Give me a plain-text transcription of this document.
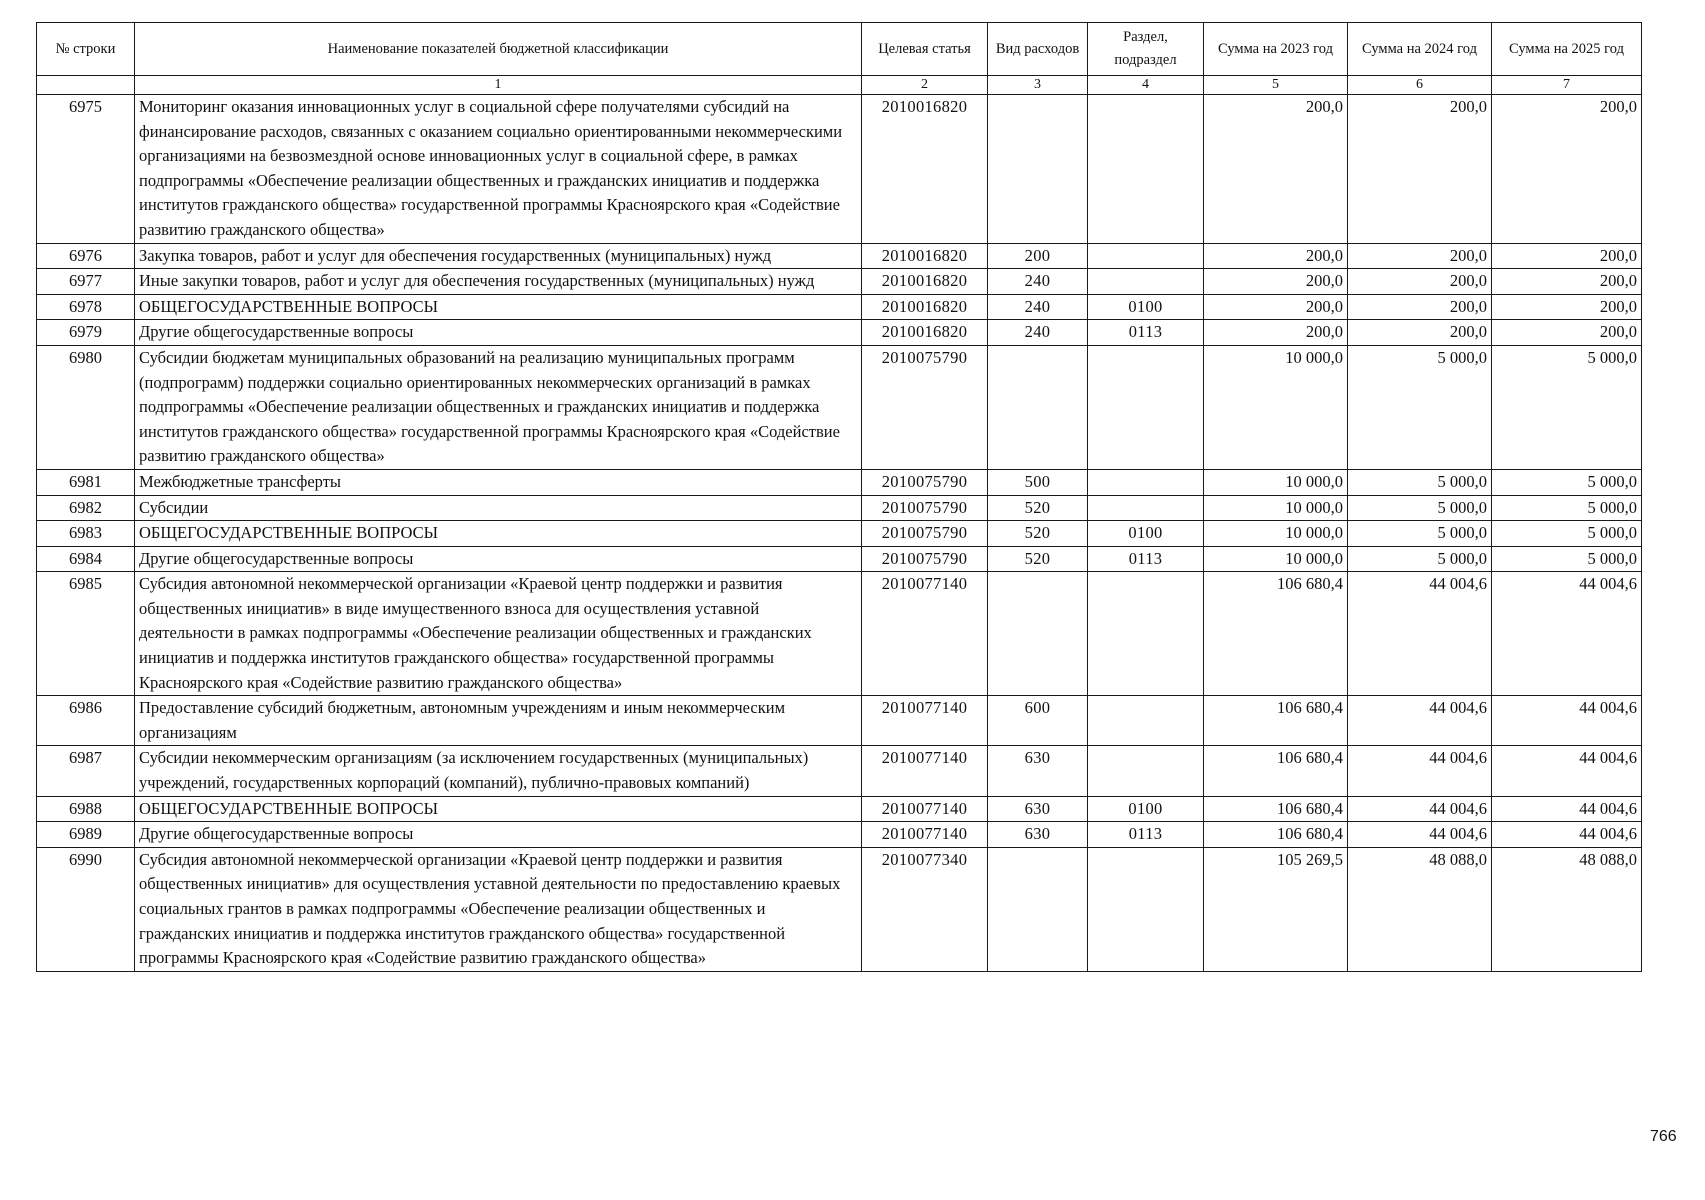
№ строки	Наименование показателей бюджетной классификации	Целевая статья	Вид расходов	Раздел, подраздел	Сумма на 2023 год	Сумма на 2024 год	Сумма на 2025 год
	1	2	3	4	5	6	7
6975	Мониторинг оказания инновационных услуг в социальной сфере получателями субсидий на финансирование расходов, связанных с оказанием социально ориентированными некоммерческими организациями на безвозмездной основе инновационных услуг в социальной сфере, в рамках подпрограммы «Обеспечение реализации общественных и гражданских инициатив и поддержка институтов гражданского общества» государственной программы Красноярского края «Содействие развитию гражданского общества»	2010016820			200,0	200,0	200,0
6976	Закупка товаров, работ и услуг для обеспечения государственных (муниципальных) нужд	2010016820	200		200,0	200,0	200,0
6977	Иные закупки товаров, работ и услуг для обеспечения государственных (муниципальных) нужд	2010016820	240		200,0	200,0	200,0
6978	ОБЩЕГОСУДАРСТВЕННЫЕ ВОПРОСЫ	2010016820	240	0100	200,0	200,0	200,0
6979	Другие общегосударственные вопросы	2010016820	240	0113	200,0	200,0	200,0
6980	Субсидии бюджетам муниципальных образований на реализацию муниципальных программ (подпрограмм) поддержки социально ориентированных некоммерческих организаций в рамках подпрограммы «Обеспечение реализации общественных и гражданских инициатив и поддержка институтов гражданского общества» государственной программы Красноярского края «Содействие развитию гражданского общества»	2010075790			10 000,0	5 000,0	5 000,0
6981	Межбюджетные трансферты	2010075790	500		10 000,0	5 000,0	5 000,0
6982	Субсидии	2010075790	520		10 000,0	5 000,0	5 000,0
6983	ОБЩЕГОСУДАРСТВЕННЫЕ ВОПРОСЫ	2010075790	520	0100	10 000,0	5 000,0	5 000,0
6984	Другие общегосударственные вопросы	2010075790	520	0113	10 000,0	5 000,0	5 000,0
6985	Субсидия автономной некоммерческой организации «Краевой центр поддержки и развития общественных инициатив» в виде имущественного взноса для осуществления уставной деятельности в рамках подпрограммы «Обеспечение реализации общественных и гражданских инициатив и поддержка институтов гражданского общества» государственной программы Красноярского края «Содействие развитию гражданского общества»	2010077140			106 680,4	44 004,6	44 004,6
6986	Предоставление субсидий бюджетным, автономным учреждениям и иным некоммерческим организациям	2010077140	600		106 680,4	44 004,6	44 004,6
6987	Субсидии некоммерческим организациям (за исключением государственных (муниципальных) учреждений, государственных корпораций (компаний), публично-правовых компаний)	2010077140	630		106 680,4	44 004,6	44 004,6
6988	ОБЩЕГОСУДАРСТВЕННЫЕ ВОПРОСЫ	2010077140	630	0100	106 680,4	44 004,6	44 004,6
6989	Другие общегосударственные вопросы	2010077140	630	0113	106 680,4	44 004,6	44 004,6
6990	Субсидия автономной некоммерческой организации «Краевой центр поддержки и развития общественных инициатив» для осуществления уставной деятельности по предоставлению краевых социальных грантов в рамках подпрограммы «Обеспечение реализации общественных и гражданских инициатив и поддержка институтов гражданского общества» государственной программы Красноярского края «Содействие развитию гражданского общества»	2010077340			105 269,5	48 088,0	48 088,0
766
